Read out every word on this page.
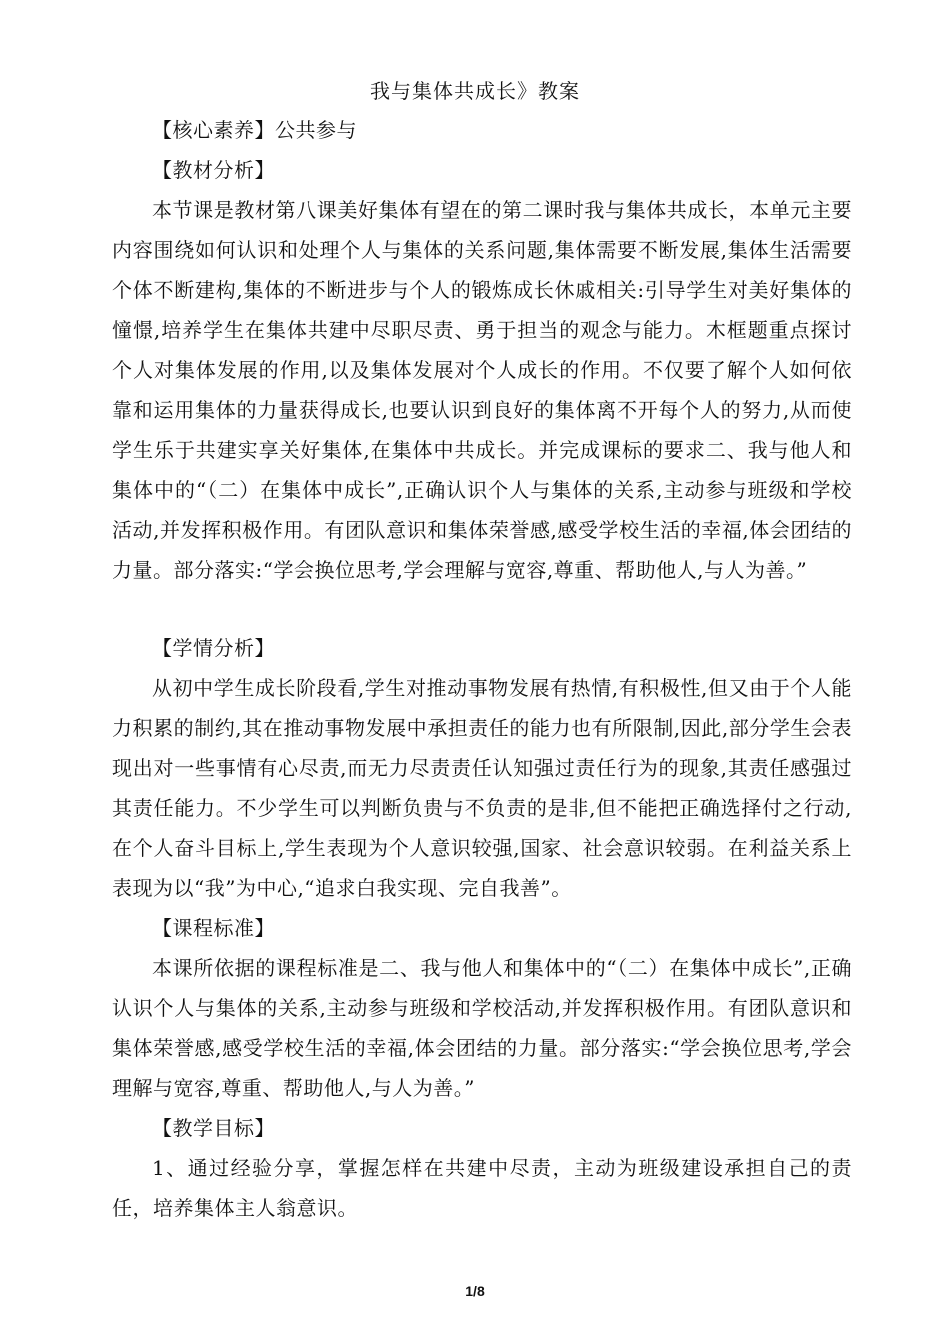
我与集体共成长》教案
【核心素养】公共参与
【教材分析】
本节课是教材第八课美好集体有望在的第二课时我与集体共成长，本单元主要内容围绕如何认识和处理个人与集体的关系问题,集体需要不断发展,集体生活需要个体不断建构,集体的不断进步与个人的锻炼成长休戚相关:引导学生对美好集体的憧憬,培养学生在集体共建中尽职尽责、勇于担当的观念与能力。木框题重点探讨个人对集体发展的作用,以及集体发展对个人成长的作用。不仅要了解个人如何依靠和运用集体的力量获得成长,也要认识到良好的集体离不开每个人的努力,从而使学生乐于共建实享关好集体,在集体中共成长。并完成课标的要求二、我与他人和集体中的“（二）在集体中成长”,正确认识个人与集体的关系,主动参与班级和学校活动,并发挥积极作用。有团队意识和集体荣誉感,感受学校生活的幸福,体会团结的力量。部分落实:“学会换位思考,学会理解与宽容,尊重、帮助他人,与人为善。”
【学情分析】
从初中学生成长阶段看,学生对推动事物发展有热情,有积极性,但又由于个人能力积累的制约,其在推动事物发展中承担责任的能力也有所限制,因此,部分学生会表现出对一些事情有心尽责,而无力尽责责任认知强过责任行为的现象,其责任感强过其责任能力。不少学生可以判断负贵与不负责的是非,但不能把正确选择付之行动,在个人奋斗目标上,学生表现为个人意识较强,国家、社会意识较弱。在利益关系上表现为以“我”为中心,“追求白我实现、完自我善”。
【课程标准】
本课所依据的课程标准是二、我与他人和集体中的“（二）在集体中成长”,正确认识个人与集体的关系,主动参与班级和学校活动,并发挥积极作用。有团队意识和集体荣誉感,感受学校生活的幸福,体会团结的力量。部分落实:“学会换位思考,学会理解与宽容,尊重、帮助他人,与人为善。”
【教学目标】
1、通过经验分享，掌握怎样在共建中尽责，主动为班级建设承担自己的责任，培养集体主人翁意识。
1/8
